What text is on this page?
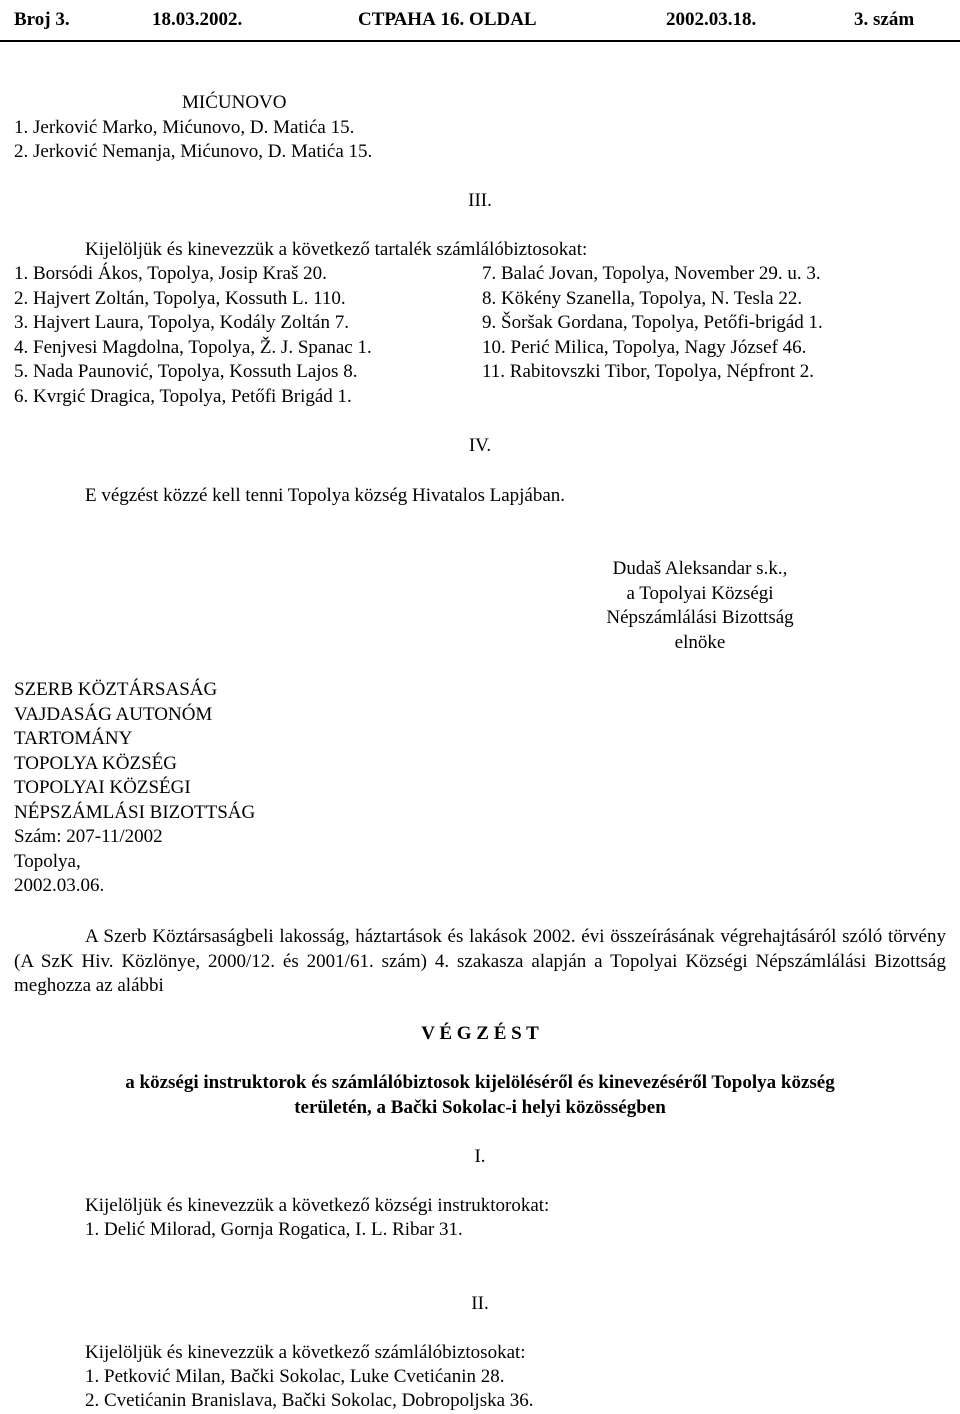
Broj 3.	18.03.2002.	СТРАНА 16. OLDAL	2002.03.18.	3. szám
MIĆUNOVO
1. Jerković Marko, Mićunovo, D. Matića 15.
2. Jerković Nemanja, Mićunovo, D. Matića 15.
III.
Kijelöljük és kinevezzük a következő tartalék számlálóbiztosokat:
1. Borsódi Ákos, Topolya, Josip Kraš 20.	7. Balać Jovan, Topolya, November 29. u. 3.
2. Hajvert Zoltán, Topolya, Kossuth L. 110.	8. Kökény Szanella, Topolya, N. Tesla 22.
3. Hajvert Laura, Topolya, Kodály Zoltán 7.	9. Šoršak Gordana, Topolya, Petőfi-brigád 1.
4. Fenjvesi Magdolna, Topolya, Ž. J. Spanac 1.	10. Perić Milica, Topolya, Nagy József 46.
5. Nada Paunović, Topolya, Kossuth Lajos 8.	11. Rabitovszki Tibor, Topolya, Népfront 2.
6. Kvrgić Dragica, Topolya, Petőfi Brigád 1.
IV.
E végzést közzé kell tenni Topolya község Hivatalos Lapjában.
Dudaš Aleksandar s.k.,
a Topolyai Községi
Népszámlálási Bizottság
elnöke
SZERB KÖZTÁRSASÁG
VAJDASÁG AUTONÓM
TARTOMÁNY
TOPOLYA KÖZSÉG
TOPOLYAI KÖZSÉGI
NÉPSZÁMLÁSI BIZOTTSÁG
Szám: 207-11/2002
Topolya,
2002.03.06.
A Szerb Köztársaságbeli lakosság, háztartások és lakások 2002. évi összeírásának végrehajtásáról szóló törvény (A SzK Hiv. Közlönye, 2000/12. és 2001/61. szám) 4. szakasza alapján a Topolyai Községi Népszámlálási Bizottság meghozza az alábbi
V É G Z É S T
a községi instruktorok és számlálóbiztosok kijelöléséről és kinevezéséről Topolya község
területén, a Bački Sokolac-i helyi közösségben
I.
Kijelöljük és kinevezzük a következő községi instruktorokat:
1. Delić Milorad, Gornja Rogatica, I. L. Ribar 31.
II.
Kijelöljük és kinevezzük a következő számlálóbiztosokat:
1. Petković Milan, Bački Sokolac, Luke Cvetićanin 28.
2. Cvetićanin Branislava, Bački Sokolac, Dobropoljska 36.
